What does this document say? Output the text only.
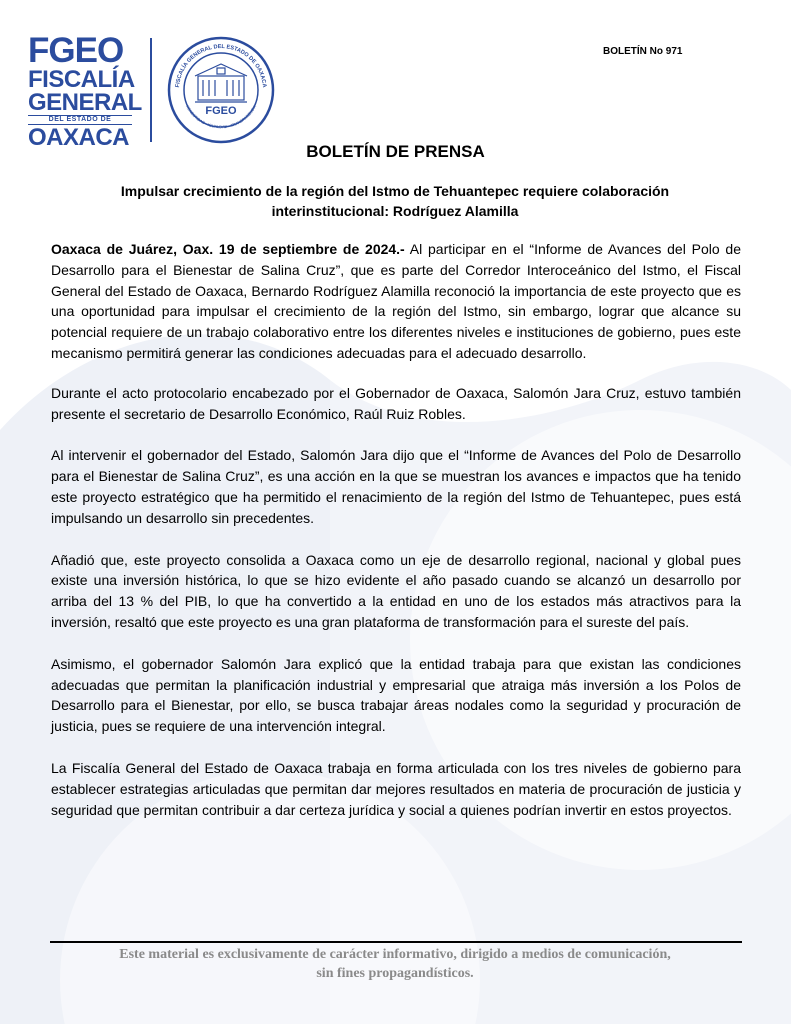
FGEO
FISCALÍA
GENERAL
DEL ESTADO DE
OAXACA
FISCALÍA GENERAL DEL ESTADO DE OAXACA
HONESTIDAD · IGUALDAD · TRANSPARENCIA
FGEO
BOLETÍN No 971
BOLETÍN DE PRENSA
Impulsar crecimiento de la región del Istmo de Tehuantepec requiere colaboración interinstitucional: Rodríguez Alamilla

Oaxaca de Juárez, Oax. 19 de septiembre de 2024.- Al participar en el “Informe de Avances del Polo de Desarrollo para el Bienestar de Salina Cruz”, que es parte del Corredor Interoceánico del Istmo, el Fiscal General del Estado de Oaxaca, Bernardo Rodríguez Alamilla reconoció la importancia de este proyecto que es una oportunidad para impulsar el crecimiento de la región del Istmo, sin embargo, lograr que alcance su potencial requiere de un trabajo colaborativo entre los diferentes niveles e instituciones de gobierno, pues este mecanismo permitirá generar las condiciones adecuadas para el adecuado desarrollo.

Durante el acto protocolario encabezado por el Gobernador de Oaxaca, Salomón Jara Cruz, estuvo también presente el secretario de Desarrollo Económico, Raúl Ruiz Robles.

Al intervenir el gobernador del Estado, Salomón Jara dijo que el “Informe de Avances del Polo de Desarrollo para el Bienestar de Salina Cruz”, es una acción en la que se muestran los avances e impactos que ha tenido este proyecto estratégico que ha permitido el renacimiento de la región del Istmo de Tehuantepec, pues está impulsando un desarrollo sin precedentes.

Añadió que, este proyecto consolida a Oaxaca como un eje de desarrollo regional, nacional y global pues existe una inversión histórica, lo que se hizo evidente el año pasado cuando se alcanzó un desarrollo por arriba del 13 % del PIB, lo que ha convertido a la entidad en uno de los estados más atractivos para la inversión, resaltó que este proyecto es una gran plataforma de transformación para el sureste del país.

Asimismo, el gobernador Salomón Jara explicó que la entidad trabaja para que existan las condiciones adecuadas que permitan la planificación industrial y empresarial que atraiga más inversión a los Polos de Desarrollo para el Bienestar, por ello, se busca trabajar áreas nodales como la seguridad y procuración de justicia, pues se requiere de una intervención integral.

La Fiscalía General del Estado de Oaxaca trabaja en forma articulada con los tres niveles de gobierno para establecer estrategias articuladas que permitan dar mejores resultados en materia de procuración de justicia y seguridad que permitan contribuir a dar certeza jurídica y social a quienes podrían invertir en estos proyectos.

Este material es exclusivamente de carácter informativo, dirigido a medios de comunicación,
sin fines propagandísticos.
